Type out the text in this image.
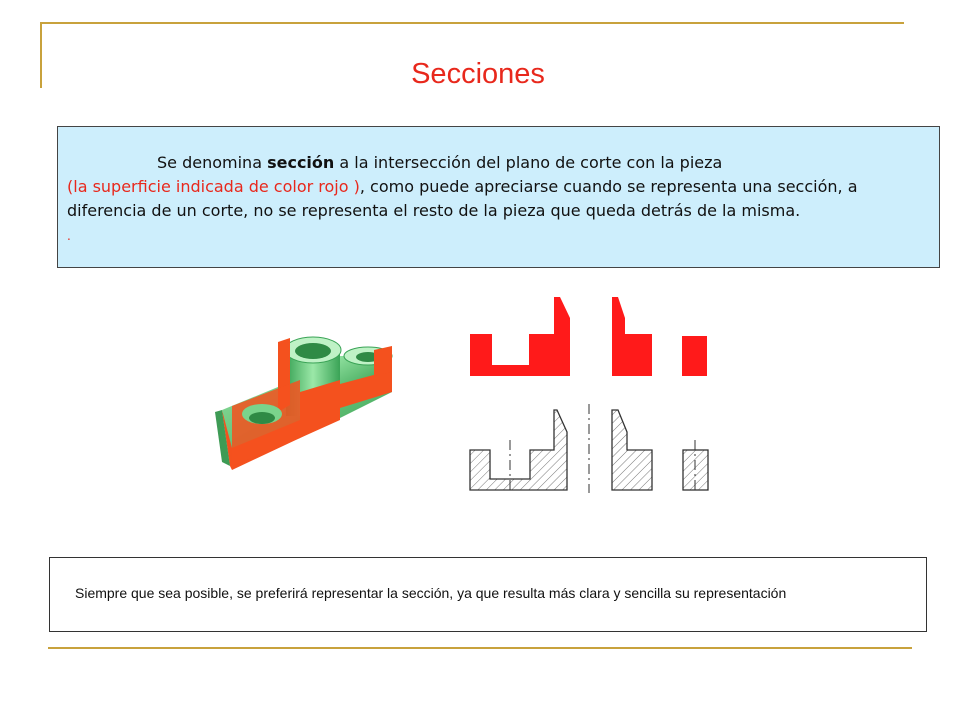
Secciones
Se denomina sección a la intersección del plano de corte con la pieza
(la superficie indicada de color rojo ), como puede apreciarse cuando se representa una sección, a diferencia de un corte, no se representa el resto de la pieza que queda detrás de la misma.
.
Siempre que sea posible, se preferirá representar la sección, ya que resulta más clara y sencilla su representación
